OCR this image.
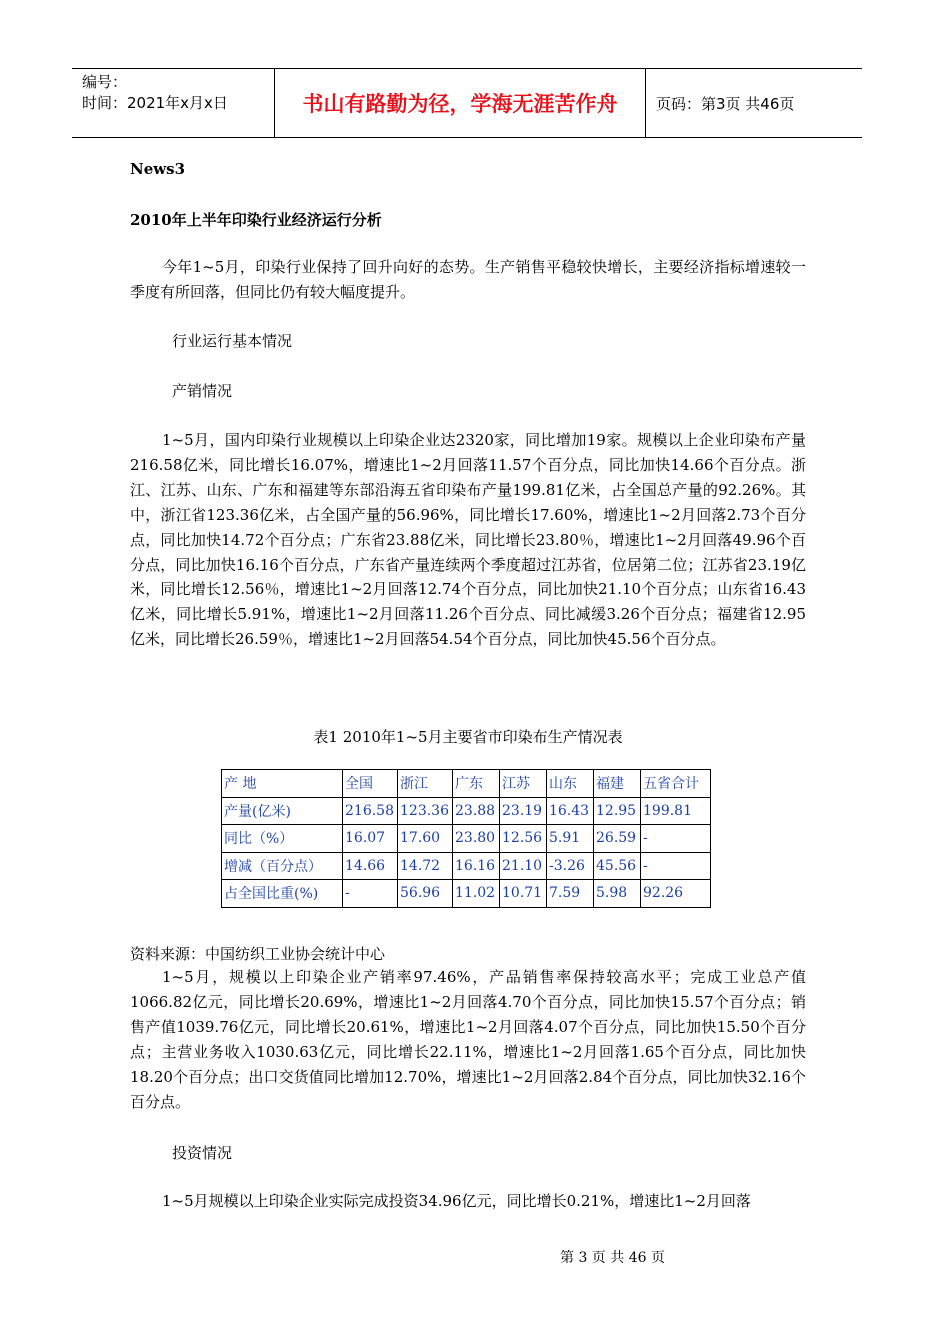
编号：
时间：2021年x月x日	书山有路勤为径，学海无涯苦作舟	页码：第3页 共46页
News3
2010年上半年印染行业经济运行分析

今年1~5月，印染行业保持了回升向好的态势。生产销售平稳较快增长，主要经济指标增速较一季度有所回落，但同比仍有较大幅度提升。

行业运行基本情况
产销情况

1~5月，国内印染行业规模以上印染企业达2320家，同比增加19家。规模以上企业印染布产量216.58亿米，同比增长16.07%，增速比1~2月回落11.57个百分点，同比加快14.66个百分点。浙江、江苏、山东、广东和福建等东部沿海五省印染布产量199.81亿米，占全国总产量的92.26%。其中，浙江省123.36亿米，占全国产量的56.96%，同比增长17.60%，增速比1~2月回落2.73个百分点，同比加快14.72个百分点；广东省23.88亿米，同比增长23.80％，增速比1~2月回落49.96个百分点，同比加快16.16个百分点，广东省产量连续两个季度超过江苏省，位居第二位；江苏省23.19亿米，同比增长12.56％，增速比1~2月回落12.74个百分点，同比加快21.10个百分点；山东省16.43亿米，同比增长5.91%，增速比1~2月回落11.26个百分点、同比减缓3.26个百分点；福建省12.95亿米，同比增长26.59％，增速比1~2月回落54.54个百分点，同比加快45.56个百分点。

表1 2010年1~5月主要省市印染布生产情况表
产 地	全国	浙江	广东	江苏	山东	福建	五省合计
产量(亿米)	216.58	123.36	23.88	23.19	16.43	12.95	199.81
同比（%）	16.07	17.60	23.80	12.56	5.91	26.59	-
增减（百分点）	14.66	14.72	16.16	21.10	-3.26	45.56	-
占全国比重(%)	-	56.96	11.02	10.71	7.59	5.98	92.26
资料来源：中国纺织工业协会统计中心

1~5月，规模以上印染企业产销率97.46%，产品销售率保持较高水平；完成工业总产值1066.82亿元，同比增长20.69%，增速比1~2月回落4.70个百分点，同比加快15.57个百分点；销售产值1039.76亿元，同比增长20.61%，增速比1~2月回落4.07个百分点，同比加快15.50个百分点；主营业务收入1030.63亿元，同比增长22.11%，增速比1~2月回落1.65个百分点，同比加快18.20个百分点；出口交货值同比增加12.70%，增速比1~2月回落2.84个百分点，同比加快32.16个百分点。

投资情况

1~5月规模以上印染企业实际完成投资34.96亿元，同比增长0.21%，增速比1~2月回落

第 3 页 共 46 页
